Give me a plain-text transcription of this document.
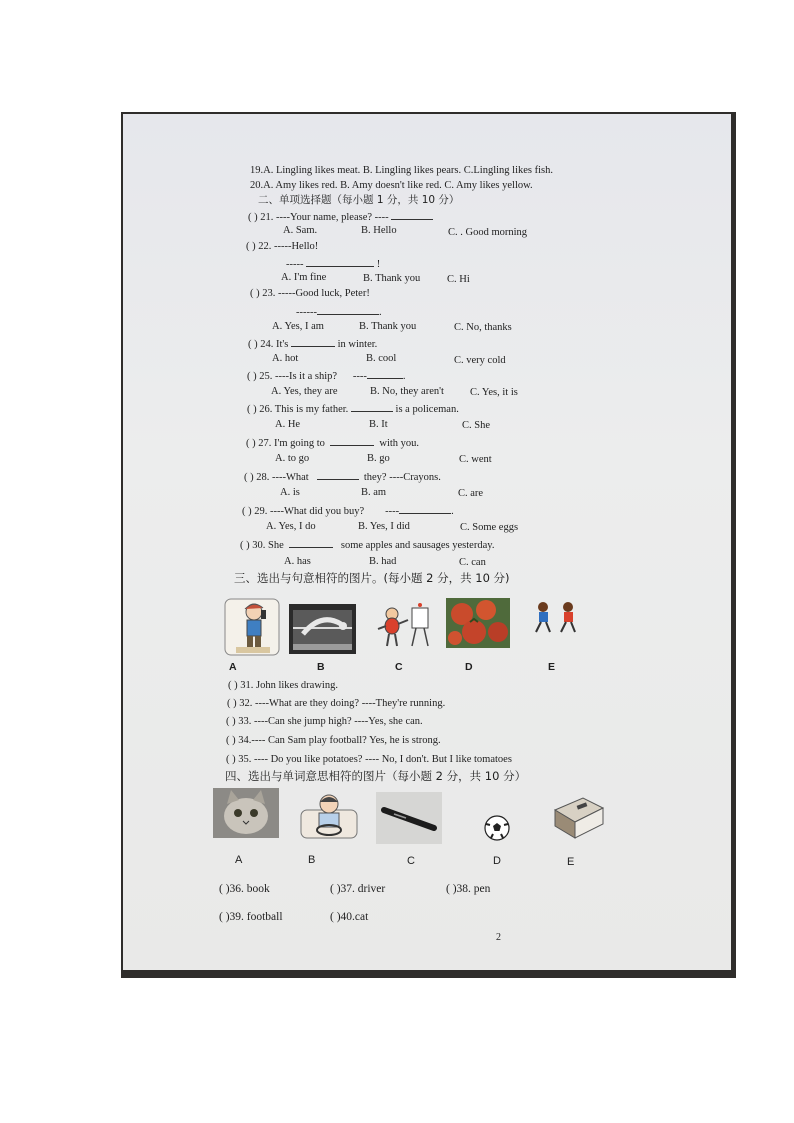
19.A. Lingling likes meat. B. Lingling likes pears. C.Lingling likes fish.
20.A. Amy likes red. B. Amy doesn't like red. C. Amy likes yellow.
二、单项选择题（每小题 1 分，共 10 分）
( ) 21. ----Your name, please? ----
A. Sam.	B. Hello	C. . Good morning
( ) 22. -----Hello!
-----	!
A. I'm fine	B. Thank you	C. Hi
( ) 23. -----Good luck, Peter!
------	.
A. Yes, I am	B. Thank you	C. No, thanks
( ) 24. It's	in winter.
A. hot	B. cool	C. very cold
( ) 25. ----Is it a ship? ----	.
A. Yes, they are	B. No, they aren't C. Yes, it is
( ) 26. This is my father.	is a policeman.
A. He	B. It	C. She
( ) 27. I'm going to	with you.
A. to go	B. go	C. went
( ) 28. ----What	they? ----Crayons.
A. is	B. am	C. are
( ) 29. ----What did you buy? ----	.
A. Yes, I do	B. Yes, I did	C. Some eggs
( ) 30. She	some apples and sausages yesterday.
A. has	B. had	C. can
三、选出与句意相符的图片。(每小题 2 分，共 10 分)
A	B	C	D	E
( ) 31. John likes drawing.
( ) 32. ----What are they doing? ----They're running.
( ) 33. ----Can she jump high? ----Yes, she can.
( ) 34.---- Can Sam play football? Yes, he is strong.
( ) 35. ---- Do you like potatoes? ---- No, I don't. But I like tomatoes
四、选出与单词意思相符的图片（每小题 2 分，共 10 分）
A	B	C	D	E
( )36. book	( )37. driver	( )38. pen
( )39. football	( )40.cat
2
